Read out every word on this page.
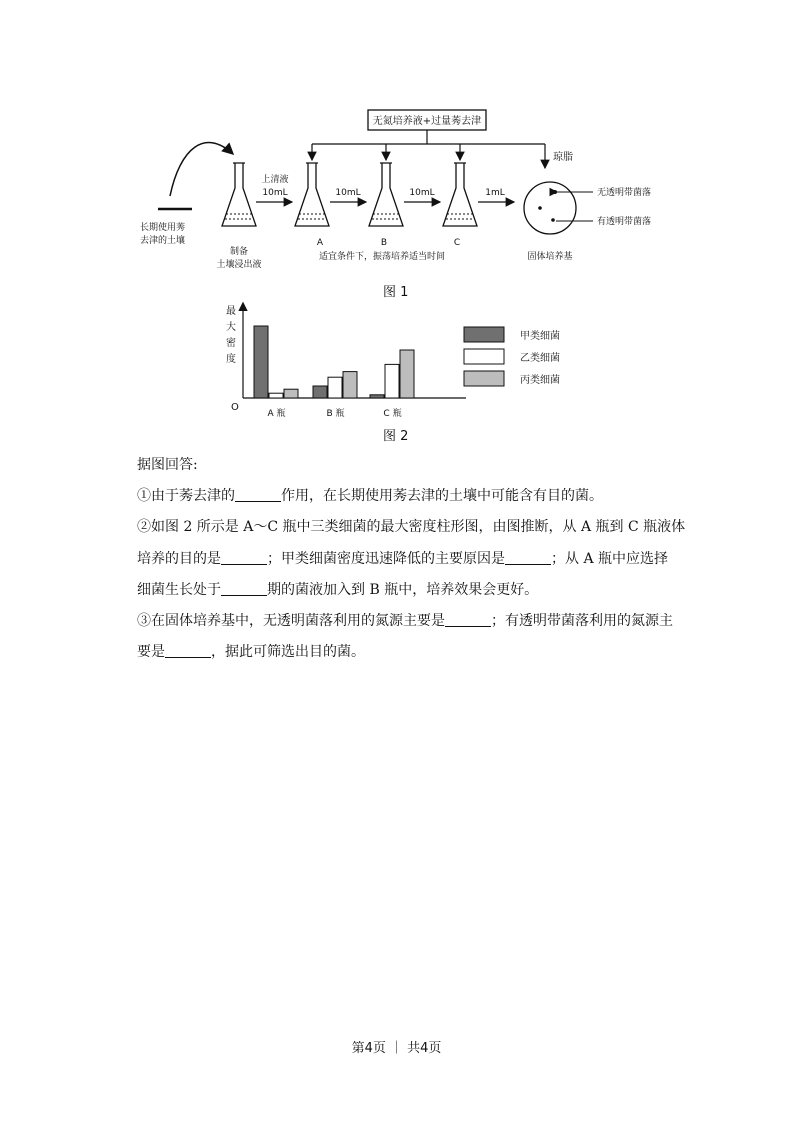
无氮培养液+过量莠去津
琼脂
长期使用莠
去津的土壤
制备
土壤浸出液
上清液
10mL
A
10mL
B
10mL
C
适宜条件下，振荡培养适当时间
1mL	无透明带菌落
有透明带菌落
固体培养基
图 1
最
大
密
度
O
A 瓶	B 瓶	C 瓶
甲类细菌
乙类细菌
丙类细菌
图 2
据图回答:
①由于莠去津的	作用，在长期使用莠去津的土壤中可能含有目的菌。
②如图 2 所示是 A～C 瓶中三类细菌的最大密度柱形图，由图推断，从 A 瓶到 C 瓶液体
培养的目的是	；甲类细菌密度迅速降低的主要原因是	；从 A 瓶中应选择
细菌生长处于	期的菌液加入到 B 瓶中，培养效果会更好。
③在固体培养基中，无透明菌落利用的氮源主要是	；有透明带菌落利用的氮源主
要是	，据此可筛选出目的菌。
第4页 ｜ 共4页
